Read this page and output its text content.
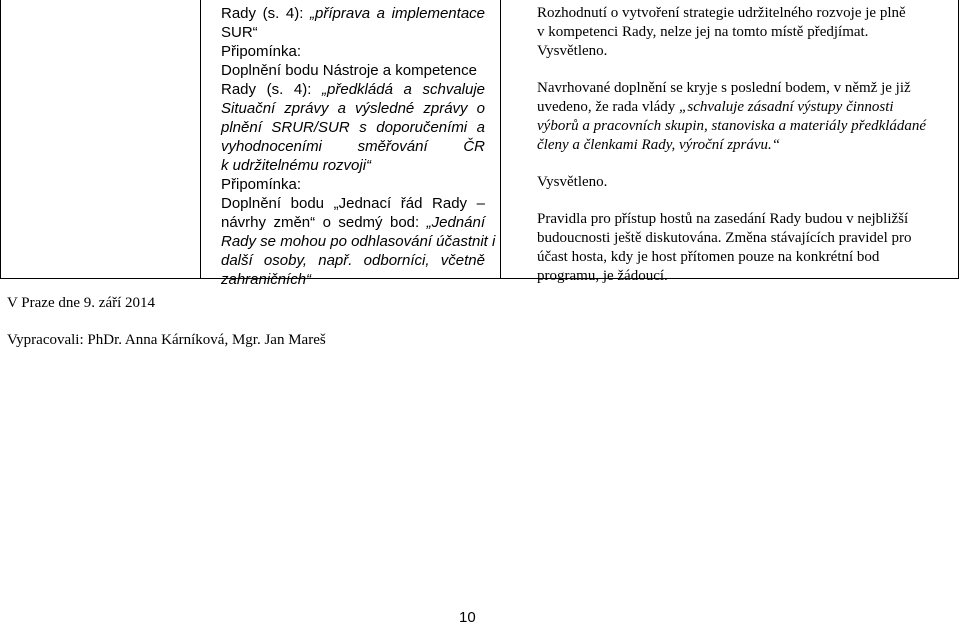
Rady (s. 4): „příprava a implementace
SUR“
Připomínka:
Doplnění bodu Nástroje a kompetence
Rady (s. 4): „předkládá a schvaluje
Situační zprávy a výsledné zprávy o
plnění SRUR/SUR s doporučeními a
vyhodnoceními směřování ČR
k udržitelnému rozvoji“
Připomínka:
Doplnění bodu „Jednací řád Rady –
návrhy změn“ o sedmý bod: „Jednání
Rady se mohou po odhlasování účastnit i
další osoby, např. odborníci, včetně
zahraničních“
Rozhodnutí o vytvoření strategie udržitelného rozvoje je plně
v kompetenci Rady, nelze jej na tomto místě předjímat.
Vysvětleno.
Navrhované doplnění se kryje s poslední bodem, v němž je již
uvedeno, že rada vlády „schvaluje zásadní výstupy činnosti
výborů a pracovních skupin, stanoviska a materiály předkládané
členy a členkami Rady, výroční zprávu.“
Vysvětleno.
Pravidla pro přístup hostů na zasedání Rady budou v nejbližší
budoucnosti ještě diskutována. Změna stávajících pravidel pro
účast hosta, kdy je host přítomen pouze na konkrétní bod
programu, je žádoucí.
V Praze dne 9. září 2014
Vypracovali: PhDr. Anna Kárníková, Mgr. Jan Mareš
10
